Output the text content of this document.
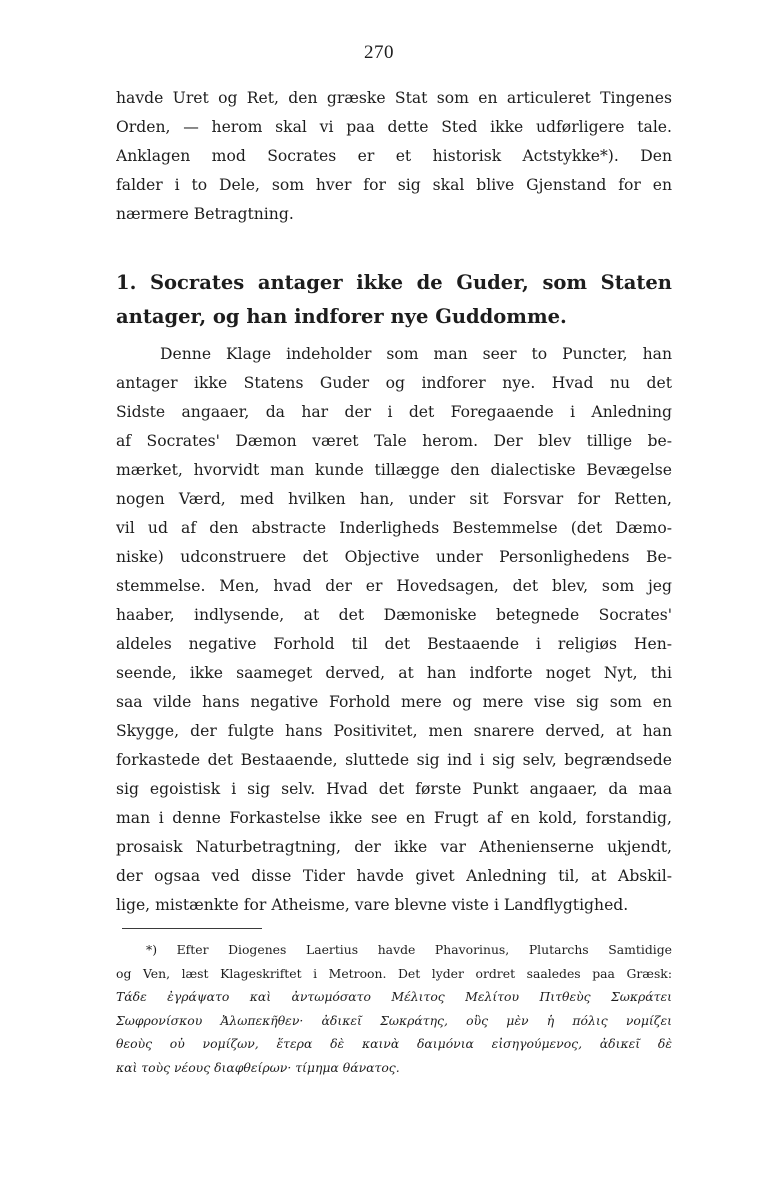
270
havde Uret og Ret, den græske Stat som en articuleret Tingenes
Orden, — herom skal vi paa dette Sted ikke udførligere tale.
Anklagen mod Socrates er et historisk Actstykke*). Den
falder i to Dele, som hver for sig skal blive Gjenstand for en
nærmere Betragtning.
1. Socrates antager ikke de Guder, som Staten
antager, og han indforer nye Guddomme.
Denne Klage indeholder som man seer to Puncter, han
antager ikke Statens Guder og indforer nye. Hvad nu det
Sidste angaaer, da har der i det Foregaaende i Anledning
af Socrates' Dæmon været Tale herom. Der blev tillige be-
mærket, hvorvidt man kunde tillægge den dialectiske Bevægelse
nogen Værd, med hvilken han, under sit Forsvar for Retten,
vil ud af den abstracte Inderligheds Bestemmelse (det Dæmo-
niske) udconstruere det Objective under Personlighedens Be-
stemmelse. Men, hvad der er Hovedsagen, det blev, som jeg
haaber, indlysende, at det Dæmoniske betegnede Socrates'
aldeles negative Forhold til det Bestaaende i religiøs Hen-
seende, ikke saameget derved, at han indforte noget Nyt, thi
saa vilde hans negative Forhold mere og mere vise sig som en
Skygge, der fulgte hans Positivitet, men snarere derved, at han
forkastede det Bestaaende, sluttede sig ind i sig selv, begrændsede
sig egoistisk i sig selv. Hvad det første Punkt angaaer, da maa
man i denne Forkastelse ikke see en Frugt af en kold, forstandig,
prosaisk Naturbetragtning, der ikke var Athenienserne ukjendt,
der ogsaa ved disse Tider havde givet Anledning til, at Abskil-
lige, mistænkte for Atheisme, vare blevne viste i Landflygtighed.
*) Efter Diogenes Laertius havde Phavorinus, Plutarchs Samtidige
og Ven, læst Klageskriftet i Metroon. Det lyder ordret saaledes paa Græsk:
Τάδε ἐγράψατο καὶ ἀντωμόσατο Μέλιτος Μελίτου Πιτθεὺς Σωκράτει
Σωφρονίσκου Ἀλωπεκῆθεν· ἀδικεῖ Σωκράτης, οὓς μὲν ἡ πόλις νομίζει
θεοὺς οὐ νομίζων, ἕτερα δὲ καινὰ δαιμόνια εἰσηγούμενος, ἀδικεῖ δὲ
καὶ τοὺς νέους διαφθείρων· τίμημα θάνατος.
